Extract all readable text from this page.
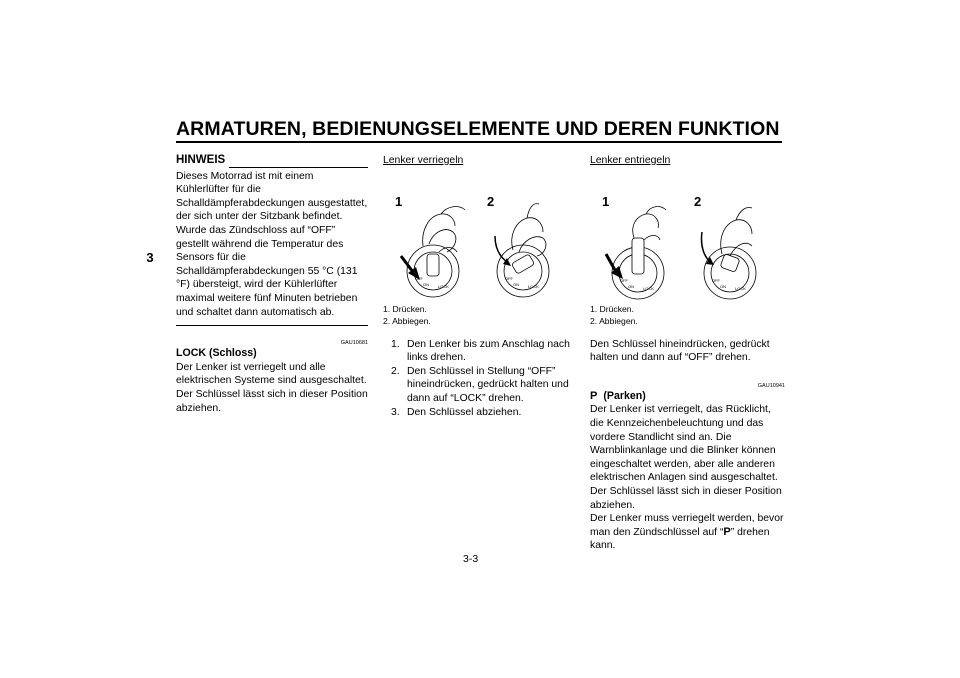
ARMATUREN, BEDIENUNGSELEMENTE UND DEREN FUNKTION
3
HINWEIS
Dieses Motorrad ist mit einem Kühlerlüfter für die Schalldämpferabdeckungen ausgestattet, der sich unter der Sitzbank befindet. Wurde das Zündschloss auf “OFF” gestellt während die Temperatur des Sensors für die Schalldämpferabdeckungen 55 °C (131 °F) übersteigt, wird der Kühlerlüfter maximal weitere fünf Minuten betrieben und schaltet dann automatisch ab.
GAU10681
LOCK (Schloss)
Der Lenker ist verriegelt und alle elektrischen Systeme sind ausgeschaltet. Der Schlüssel lässt sich in dieser Position abziehen.
Lenker verriegeln
1	2
OFF
ON LOCK
OFF
ON LOCK
1. Drücken.
2. Abbiegen.
1. Den Lenker bis zum Anschlag nach links drehen.
2. Den Schlüssel in Stellung “OFF” hineindrücken, gedrückt halten und dann auf “LOCK” drehen.
3. Den Schlüssel abziehen.
Lenker entriegeln
1	2
OFF
ON LOCK
OFF
ON LOCK
1. Drücken.
2. Abbiegen.
Den Schlüssel hineindrücken, gedrückt halten und dann auf “OFF” drehen.
GAU10941
P (Parken)
Der Lenker ist verriegelt, das Rücklicht, die Kennzeichenbeleuchtung und das vordere Standlicht sind an. Die Warnblinkanlage und die Blinker können eingeschaltet werden, aber alle anderen elektrischen Anlagen sind ausgeschaltet. Der Schlüssel lässt sich in dieser Position abziehen.
Der Lenker muss verriegelt werden, bevor man den Zündschlüssel auf “P” drehen kann.
3-3
